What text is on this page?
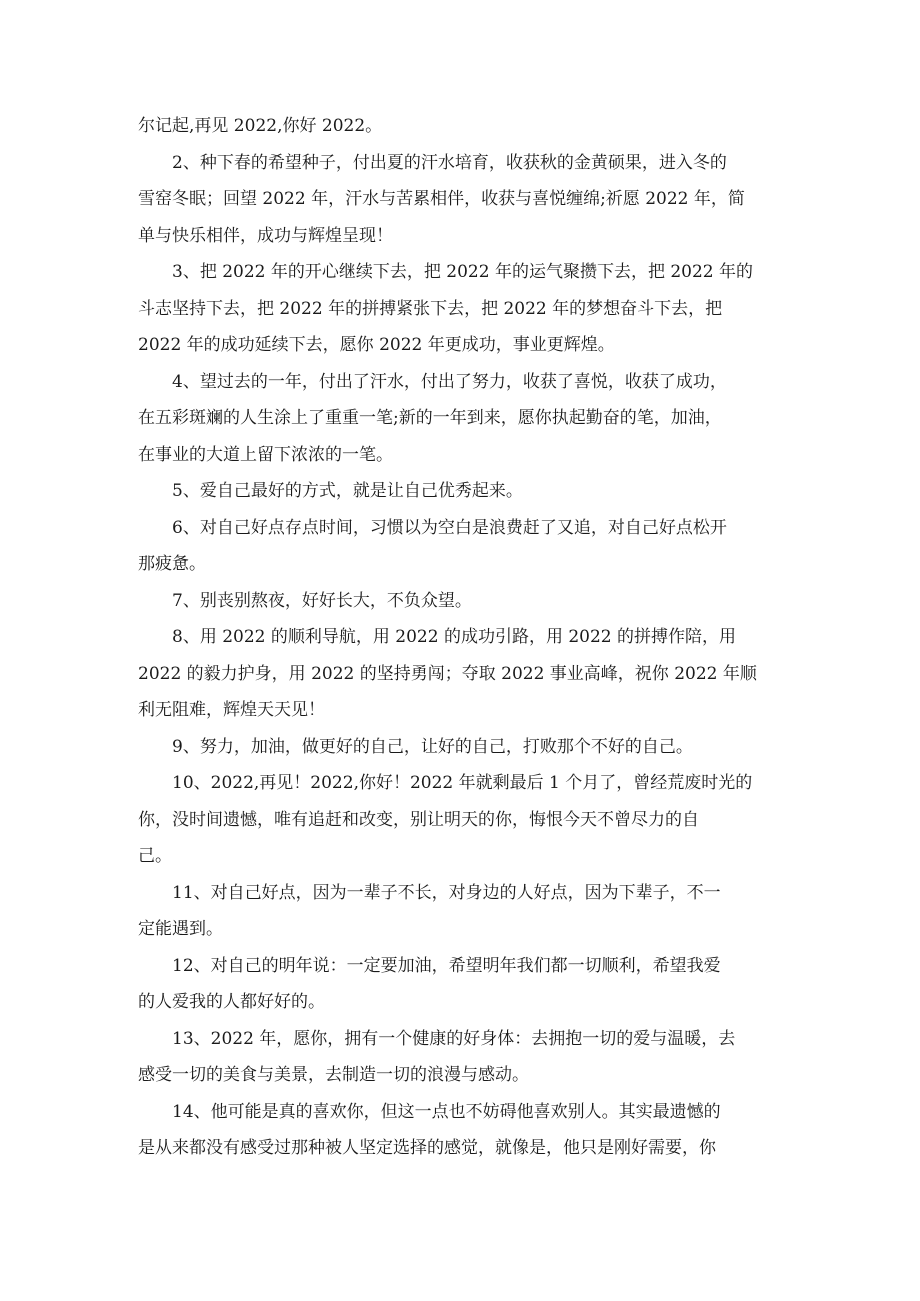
尔记起,再见 2022,你好 2022。

2、种下春的希望种子，付出夏的汗水培育，收获秋的金黄硕果，进入冬的
雪窑冬眠；回望 2022 年，汗水与苦累相伴，收获与喜悦缠绵;祈愿 2022 年，简
单与快乐相伴，成功与辉煌呈现！

3、把 2022 年的开心继续下去，把 2022 年的运气聚攒下去，把 2022 年的
斗志坚持下去，把 2022 年的拼搏紧张下去，把 2022 年的梦想奋斗下去，把
2022 年的成功延续下去，愿你 2022 年更成功，事业更辉煌。

4、望过去的一年，付出了汗水，付出了努力，收获了喜悦，收获了成功，
在五彩斑斓的人生涂上了重重一笔;新的一年到来，愿你执起勤奋的笔，加油，
在事业的大道上留下浓浓的一笔。

5、爱自己最好的方式，就是让自己优秀起来。

6、对自己好点存点时间，习惯以为空白是浪费赶了又追，对自己好点松开
那疲惫。

7、别丧别熬夜，好好长大，不负众望。

8、用 2022 的顺利导航，用 2022 的成功引路，用 2022 的拼搏作陪，用
2022 的毅力护身，用 2022 的坚持勇闯；夺取 2022 事业高峰，祝你 2022 年顺
利无阻难，辉煌天天见！

9、努力，加油，做更好的自己，让好的自己，打败那个不好的自己。

10、2022,再见！2022,你好！2022 年就剩最后 1 个月了，曾经荒废时光的
你，没时间遗憾，唯有追赶和改变，别让明天的你，悔恨今天不曾尽力的自
己。

11、对自己好点，因为一辈子不长，对身边的人好点，因为下辈子，不一
定能遇到。

12、对自己的明年说：一定要加油，希望明年我们都一切顺利，希望我爱
的人爱我的人都好好的。

13、2022 年，愿你，拥有一个健康的好身体：去拥抱一切的爱与温暖，去
感受一切的美食与美景，去制造一切的浪漫与感动。

14、他可能是真的喜欢你，但这一点也不妨碍他喜欢别人。其实最遗憾的
是从来都没有感受过那种被人坚定选择的感觉，就像是，他只是刚好需要，你
